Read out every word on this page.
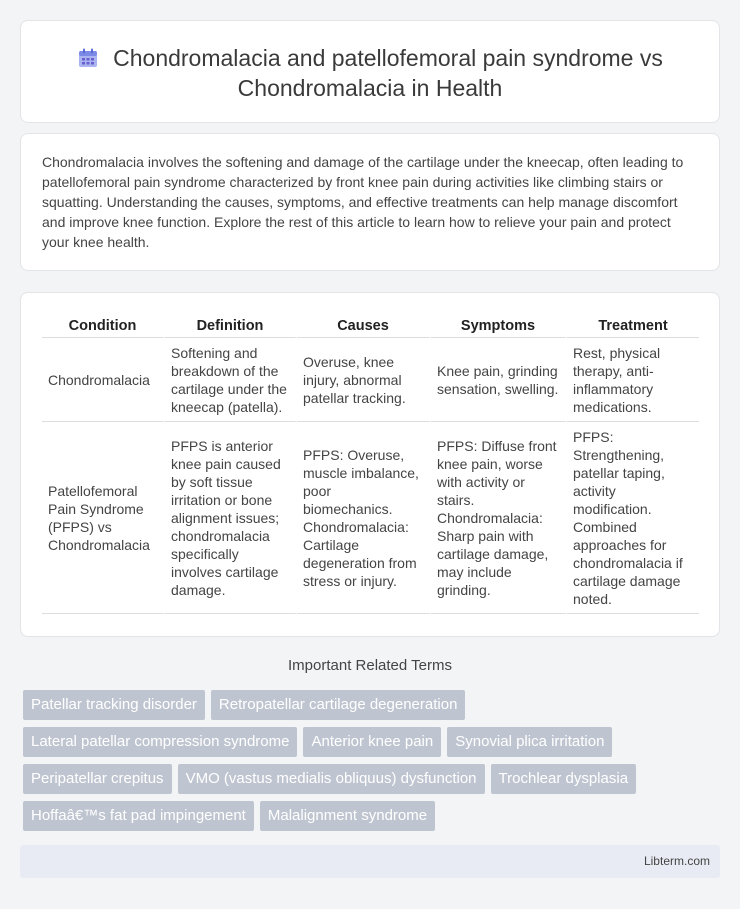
Chondromalacia and patellofemoral pain syndrome vs Chondromalacia in Health
Chondromalacia involves the softening and damage of the cartilage under the kneecap, often leading to patellofemoral pain syndrome characterized by front knee pain during activities like climbing stairs or squatting. Understanding the causes, symptoms, and effective treatments can help manage discomfort and improve knee function. Explore the rest of this article to learn how to relieve your pain and protect your knee health.
Condition	Definition	Causes	Symptoms	Treatment
Chondromalacia	Softening and breakdown of the cartilage under the kneecap (patella).	Overuse, knee injury, abnormal patellar tracking.	Knee pain, grinding sensation, swelling.	Rest, physical therapy, anti-inflammatory medications.
Patellofemoral Pain Syndrome (PFPS) vs Chondromalacia	PFPS is anterior knee pain caused by soft tissue irritation or bone alignment issues; chondromalacia specifically involves cartilage damage.	PFPS: Overuse, muscle imbalance, poor biomechanics. Chondromalacia: Cartilage degeneration from stress or injury.	PFPS: Diffuse front knee pain, worse with activity or stairs. Chondromalacia: Sharp pain with cartilage damage, may include grinding.	PFPS: Strengthening, patellar taping, activity modification. Combined approaches for chondromalacia if cartilage damage noted.
Important Related Terms
Patellar tracking disorder	Retropatellar cartilage degeneration
Lateral patellar compression syndrome	Anterior knee pain	Synovial plica irritation
Peripatellar crepitus	VMO (vastus medialis obliquus) dysfunction	Trochlear dysplasia
Hoffaâ€™s fat pad impingement	Malalignment syndrome
Libterm.com
